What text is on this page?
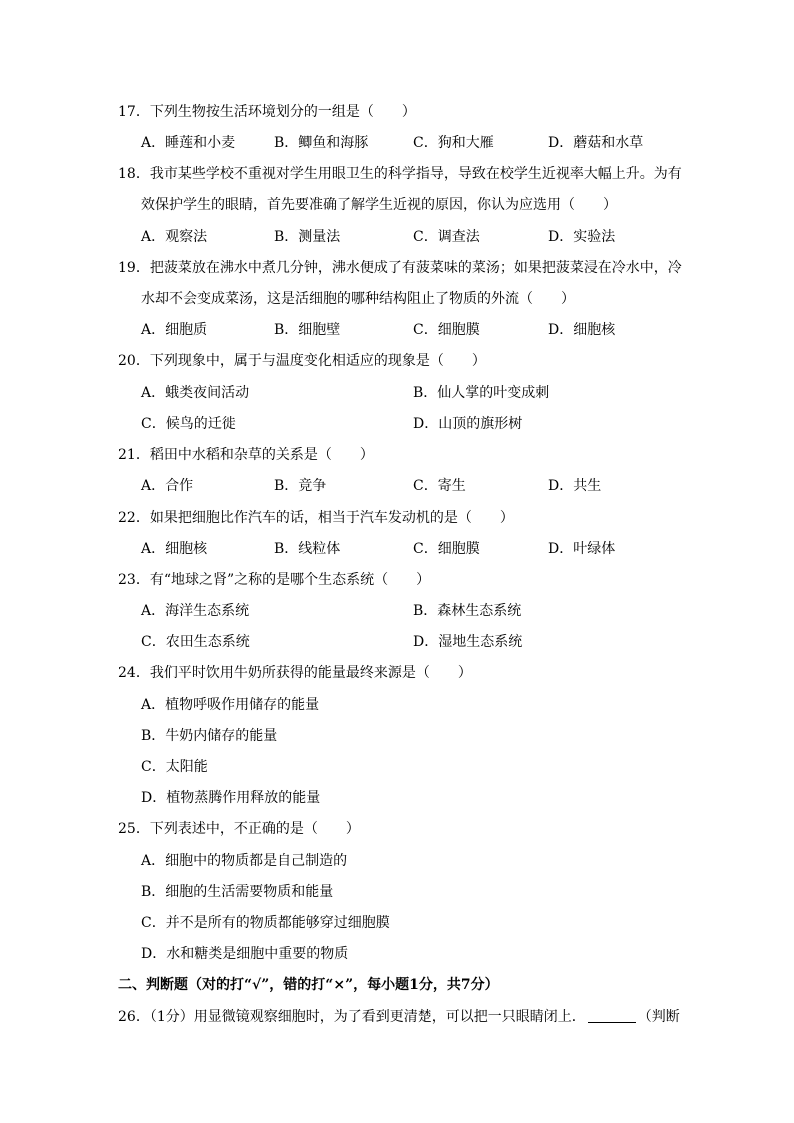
17．下列生物按生活环境划分的一组是（　　）
A．睡莲和小麦	B．鲫鱼和海豚	C．狗和大雁	D．蘑菇和水草
18．我市某些学校不重视对学生用眼卫生的科学指导，导致在校学生近视率大幅上升。为有
效保护学生的眼睛，首先要准确了解学生近视的原因，你认为应选用（　　）
A．观察法	B．测量法	C．调查法	D．实验法
19．把菠菜放在沸水中煮几分钟，沸水便成了有菠菜味的菜汤；如果把菠菜浸在冷水中，冷
水却不会变成菜汤，这是活细胞的哪种结构阻止了物质的外流（　　）
A．细胞质	B．细胞壁	C．细胞膜	D．细胞核
20．下列现象中，属于与温度变化相适应的现象是（　　）
A．蛾类夜间活动	B．仙人掌的叶变成刺
C．候鸟的迁徙	D．山顶的旗形树
21．稻田中水稻和杂草的关系是（　　）
A．合作	B．竞争	C．寄生	D．共生
22．如果把细胞比作汽车的话，相当于汽车发动机的是（　　）
A．细胞核	B．线粒体	C．细胞膜	D．叶绿体
23．有“地球之肾”之称的是哪个生态系统（　　）
A．海洋生态系统	B．森林生态系统
C．农田生态系统	D．湿地生态系统
24．我们平时饮用牛奶所获得的能量最终来源是（　　）
A．植物呼吸作用储存的能量
B．牛奶内储存的能量
C．太阳能
D．植物蒸腾作用释放的能量
25．下列表述中，不正确的是（　　）
A．细胞中的物质都是自己制造的
B．细胞的生活需要物质和能量
C．并不是所有的物质都能够穿过细胞膜
D．水和糖类是细胞中重要的物质
二、判断题（对的打“√”，错的打“×”，每小题1分，共7分）
26．（1分）用显微镜观察细胞时，为了看到更清楚，可以把一只眼睛闭上．	（判断
